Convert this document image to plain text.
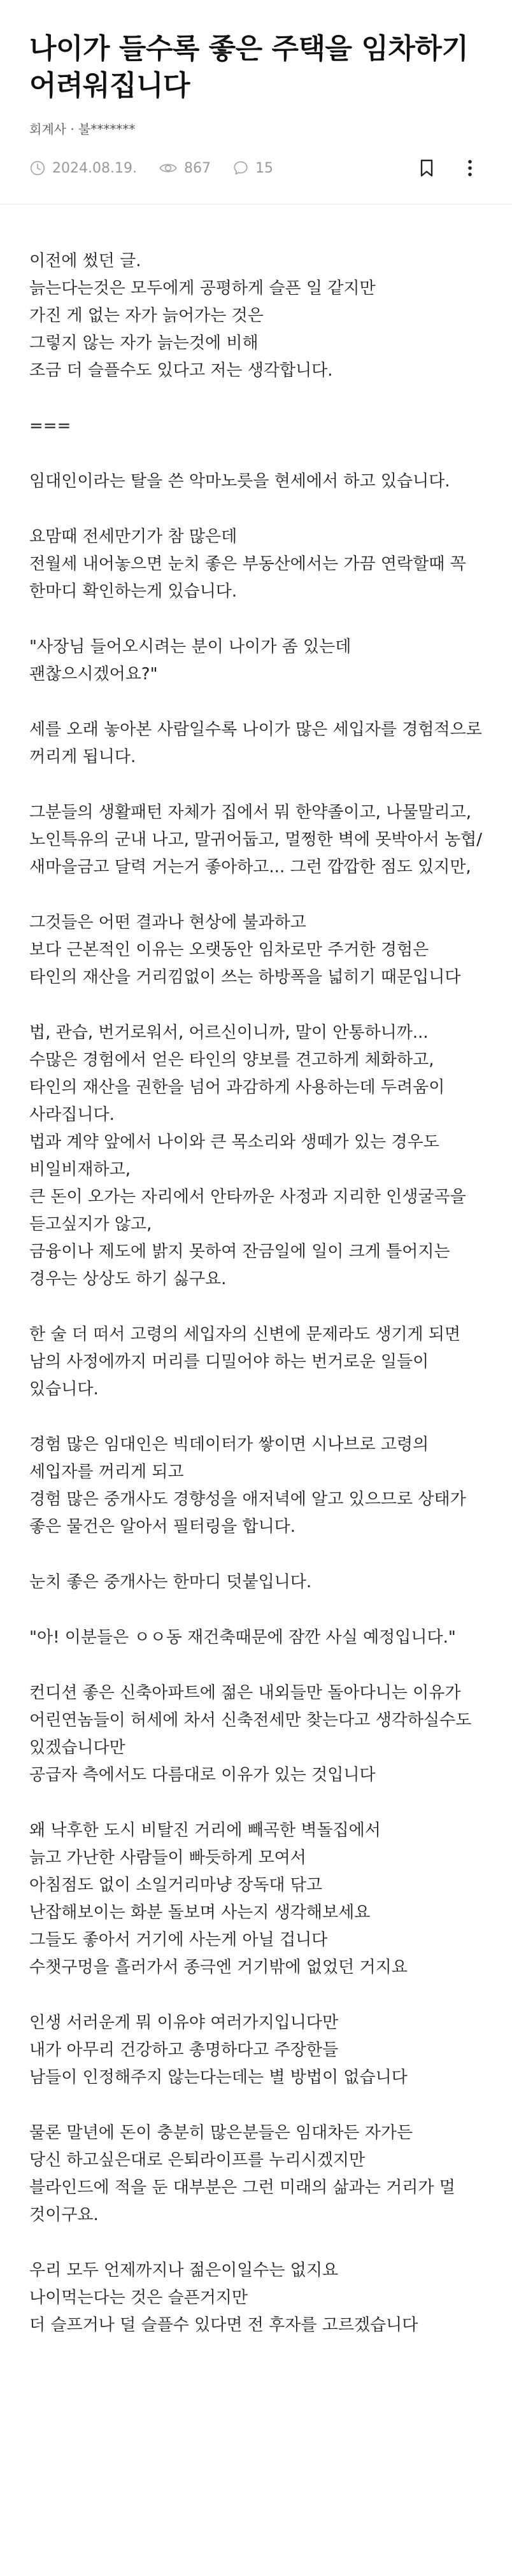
나이가 들수록 좋은 주택을 임차하기 어려워집니다
회계사 · 불*******
2024.08.19.	867	15

이전에 썼던 글.
늙는다는것은 모두에게 공평하게 슬픈 일 같지만
가진 게 없는 자가 늙어가는 것은
그렇지 않는 자가 늙는것에 비해
조금 더 슬플수도 있다고 저는 생각합니다.

===

임대인이라는 탈을 쓴 악마노릇을 현세에서 하고 있습니다.

요맘때 전세만기가 참 많은데
전월세 내어놓으면 눈치 좋은 부동산에서는 가끔 연락할때 꼭 한마디 확인하는게 있습니다.

"사장님 들어오시려는 분이 나이가 좀 있는데 괜찮으시겠어요?"

세를 오래 놓아본 사람일수록 나이가 많은 세입자를 경험적으로 꺼리게 됩니다.

그분들의 생활패턴 자체가 집에서 뭐 한약졸이고, 나물말리고, 노인특유의 군내 나고, 말귀어둡고, 멀쩡한 벽에 못박아서 농협/새마을금고 달력 거는거 좋아하고... 그런 깝깝한 점도 있지만,

그것들은 어떤 결과나 현상에 불과하고
보다 근본적인 이유는 오랫동안 임차로만 주거한 경험은
타인의 재산을 거리낌없이 쓰는 하방폭을 넓히기 때문입니다

법, 관습, 번거로워서, 어르신이니까, 말이 안통하니까...
수많은 경험에서 얻은 타인의 양보를 견고하게 체화하고,
타인의 재산을 권한을 넘어 과감하게 사용하는데 두려움이 사라집니다.
법과 계약 앞에서 나이와 큰 목소리와 생떼가 있는 경우도 비일비재하고,
큰 돈이 오가는 자리에서 안타까운 사정과 지리한 인생굴곡을 듣고싶지가 않고,
금융이나 제도에 밝지 못하여 잔금일에 일이 크게 틀어지는 경우는 상상도 하기 싫구요.

한 술 더 떠서 고령의 세입자의 신변에 문제라도 생기게 되면 남의 사정에까지 머리를 디밀어야 하는 번거로운 일들이 있습니다.

경험 많은 임대인은 빅데이터가 쌓이면 시나브로 고령의 세입자를 꺼리게 되고
경험 많은 중개사도 경향성을 애저녁에 알고 있으므로 상태가 좋은 물건은 알아서 필터링을 합니다.

눈치 좋은 중개사는 한마디 덧붙입니다.

"아! 이분들은 ㅇㅇ동 재건축때문에 잠깐 사실 예정입니다."

컨디션 좋은 신축아파트에 젊은 내외들만 돌아다니는 이유가 어린연놈들이 허세에 차서 신축전세만 찾는다고 생각하실수도 있겠습니다만
공급자 측에서도 다름대로 이유가 있는 것입니다

왜 낙후한 도시 비탈진 거리에 빼곡한 벽돌집에서
늙고 가난한 사람들이 빠듯하게 모여서
아침점도 없이 소일거리마냥 장독대 닦고
난잡해보이는 화분 돌보며 사는지 생각해보세요
그들도 좋아서 거기에 사는게 아닐 겁니다
수챗구멍을 흘러가서 종극엔 거기밖에 없었던 거지요

인생 서러운게 뭐 이유야 여러가지입니다만
내가 아무리 건강하고 총명하다고 주장한들
남들이 인정해주지 않는다는데는 별 방법이 없습니다

물론 말년에 돈이 충분히 많은분들은 임대차든 자가든
당신 하고싶은대로 은퇴라이프를 누리시겠지만
블라인드에 적을 둔 대부분은 그런 미래의 삶과는 거리가 멀 것이구요.

우리 모두 언제까지나 젊은이일수는 없지요
나이먹는다는 것은 슬픈거지만
더 슬프거나 덜 슬플수 있다면 전 후자를 고르겠습니다
